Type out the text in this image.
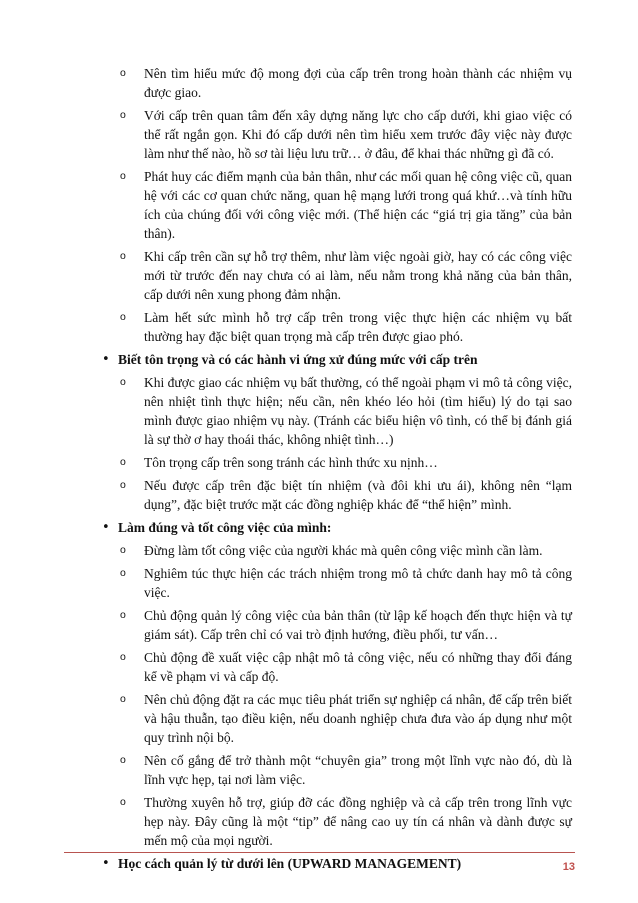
o Nên tìm hiểu mức độ mong đợi của cấp trên trong hoàn thành các nhiệm vụ được giao.
o Với cấp trên quan tâm đến xây dựng năng lực cho cấp dưới, khi giao việc có thể rất ngắn gọn. Khi đó cấp dưới nên tìm hiểu xem trước đây việc này được làm như thế nào, hồ sơ tài liệu lưu trữ… ở đâu, để khai thác những gì đã có.
o Phát huy các điểm mạnh của bản thân, như các mối quan hệ công việc cũ, quan hệ với các cơ quan chức năng, quan hệ mạng lưới trong quá khứ…và tính hữu ích của chúng đối với công việc mới. (Thể hiện các “giá trị gia tăng” của bản thân).
o Khi cấp trên cần sự hỗ trợ thêm, như làm việc ngoài giờ, hay có các công việc mới từ trước đến nay chưa có ai làm, nếu nằm trong khả năng của bản thân, cấp dưới nên xung phong đảm nhận.
o Làm hết sức mình hỗ trợ cấp trên trong việc thực hiện các nhiệm vụ bất thường hay đặc biệt quan trọng mà cấp trên được giao phó.
• Biết tôn trọng và có các hành vi ứng xử đúng mức với cấp trên
o Khi được giao các nhiệm vụ bất thường, có thể ngoài phạm vi mô tả công việc, nên nhiệt tình thực hiện; nếu cần, nên khéo léo hỏi (tìm hiểu) lý do tại sao mình được giao nhiệm vụ này. (Tránh các biểu hiện vô tình, có thể bị đánh giá là sự thờ ơ hay thoái thác, không nhiệt tình…)
o Tôn trọng cấp trên song tránh các hình thức xu nịnh…
o Nếu được cấp trên đặc biệt tín nhiệm (và đôi khi ưu ái), không nên “lạm dụng”, đặc biệt trước mặt các đồng nghiệp khác để “thể hiện” mình.
• Làm đúng và tốt công việc của mình:
o Đừng làm tốt công việc của người khác mà quên công việc mình cần làm.
o Nghiêm túc thực hiện các trách nhiệm trong mô tả chức danh hay mô tả công việc.
o Chủ động quản lý công việc của bản thân (từ lập kế hoạch đến thực hiện và tự giám sát). Cấp trên chỉ có vai trò định hướng, điều phối, tư vấn…
o Chủ động đề xuất việc cập nhật mô tả công việc, nếu có những thay đổi đáng kể về phạm vi và cấp độ.
o Nên chủ động đặt ra các mục tiêu phát triển sự nghiệp cá nhân, để cấp trên biết và hậu thuẫn, tạo điều kiện, nếu doanh nghiệp chưa đưa vào áp dụng như một quy trình nội bộ.
o Nên cố gắng để trở thành một “chuyên gia” trong một lĩnh vực nào đó, dù là lĩnh vực hẹp, tại nơi làm việc.
o Thường xuyên hỗ trợ, giúp đỡ các đồng nghiệp và cả cấp trên trong lĩnh vực hẹp này. Đây cũng là một “tip” để nâng cao uy tín cá nhân và dành được sự mến mộ của mọi người.
• Học cách quản lý từ dưới lên (UPWARD MANAGEMENT)	13
